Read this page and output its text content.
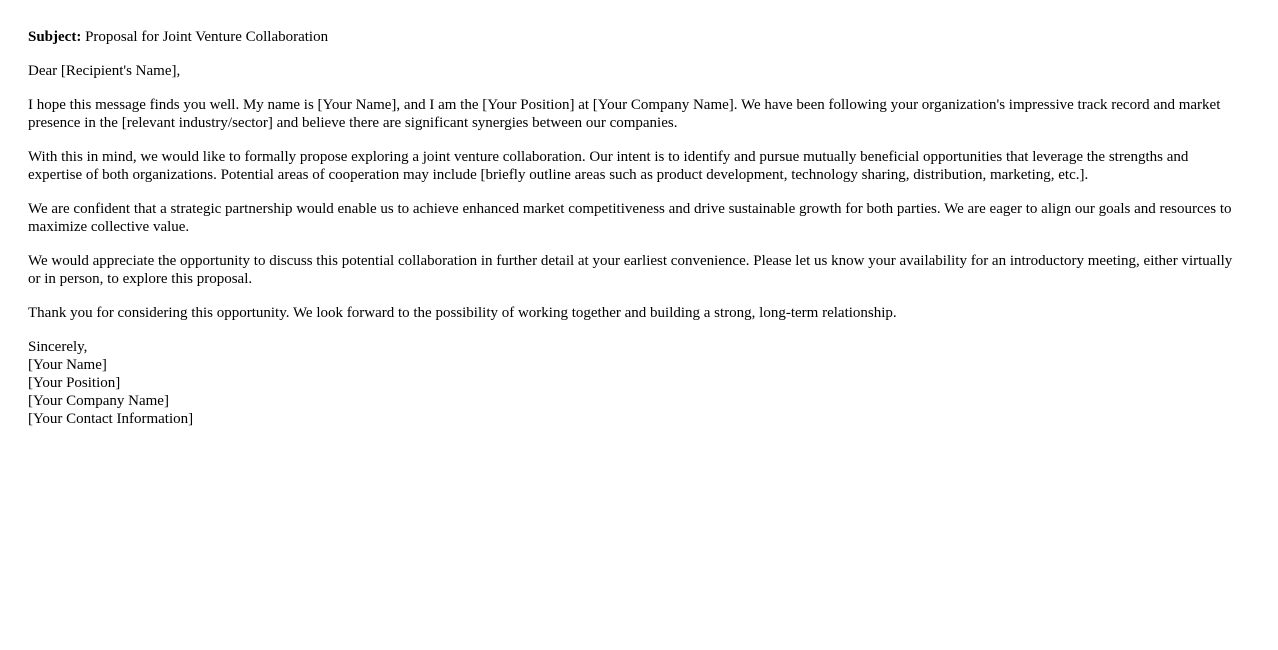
Subject: Proposal for Joint Venture Collaboration

Dear [Recipient's Name],

I hope this message finds you well. My name is [Your Name], and I am the [Your Position] at [Your Company Name]. We have been following your organization's impressive track record and market presence in the [relevant industry/sector] and believe there are significant synergies between our companies.

With this in mind, we would like to formally propose exploring a joint venture collaboration. Our intent is to identify and pursue mutually beneficial opportunities that leverage the strengths and expertise of both organizations. Potential areas of cooperation may include [briefly outline areas such as product development, technology sharing, distribution, marketing, etc.].

We are confident that a strategic partnership would enable us to achieve enhanced market competitiveness and drive sustainable growth for both parties. We are eager to align our goals and resources to maximize collective value.

We would appreciate the opportunity to discuss this potential collaboration in further detail at your earliest convenience. Please let us know your availability for an introductory meeting, either virtually or in person, to explore this proposal.

Thank you for considering this opportunity. We look forward to the possibility of working together and building a strong, long-term relationship.

Sincerely,
[Your Name]
[Your Position]
[Your Company Name]
[Your Contact Information]
